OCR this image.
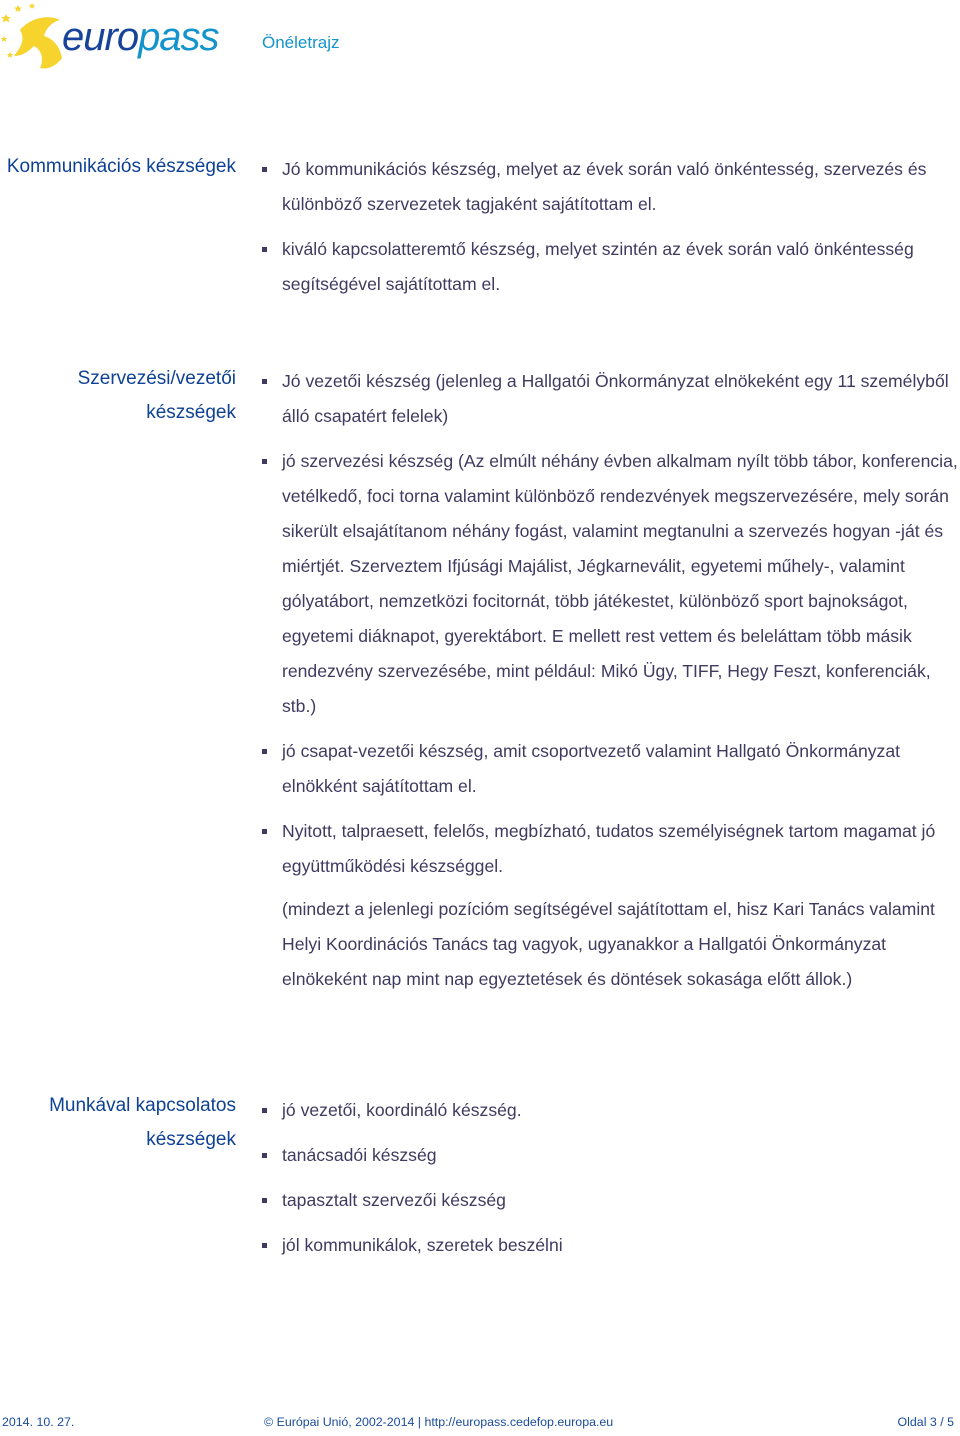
europass	Önéletrajz
Kommunikációs készségek	Jó kommunikációs készség, melyet az évek során való önkéntesség, szervezés és különböző szervezetek tagjaként sajátítottam el.
kiváló kapcsolatteremtő készség, melyet szintén az évek során való önkéntesség segítségével sajátítottam el.
Szervezési/vezetői készségek
Jó vezetői készség (jelenleg a Hallgatói Önkormányzat elnökeként egy 11 személyből álló csapatért felelek)
jó szervezési készség (Az elmúlt néhány évben alkalmam nyílt több tábor, konferencia, vetélkedő, foci torna valamint különböző rendezvények megszervezésére, mely során sikerült elsajátítanom néhány fogást, valamint megtanulni a szervezés hogyan -ját és miértjét. Szerveztem Ifjúsági Majálist, Jégkarneválit, egyetemi műhely-, valamint gólyatábort, nemzetközi focitornát, több játékestet, különböző sport bajnokságot, egyetemi diáknapot, gyerektábort. E mellett rest vettem és beleláttam több másik rendezvény szervezésébe, mint például: Mikó Ügy, TIFF, Hegy Feszt, konferenciák, stb.)
jó csapat-vezetői készség, amit csoportvezető valamint Hallgató Önkormányzat elnökként sajátítottam el.
Nyitott, talpraesett, felelős, megbízható, tudatos személyiségnek tartom magamat jó együttműködési készséggel.
(mindezt a jelenlegi pozícióm segítségével sajátítottam el, hisz Kari Tanács valamint Helyi Koordinációs Tanács tag vagyok, ugyanakkor a Hallgatói Önkormányzat elnökeként nap mint nap egyeztetések és döntések sokasága előtt állok.)
Munkával kapcsolatos készségek
jó vezetői, koordináló készség.
tanácsadói készség
tapasztalt szervezői készség
jól kommunikálok, szeretek beszélni
2014. 10. 27.	© Európai Unió, 2002-2014 | http://europass.cedefop.europa.eu	Oldal 3 / 5
